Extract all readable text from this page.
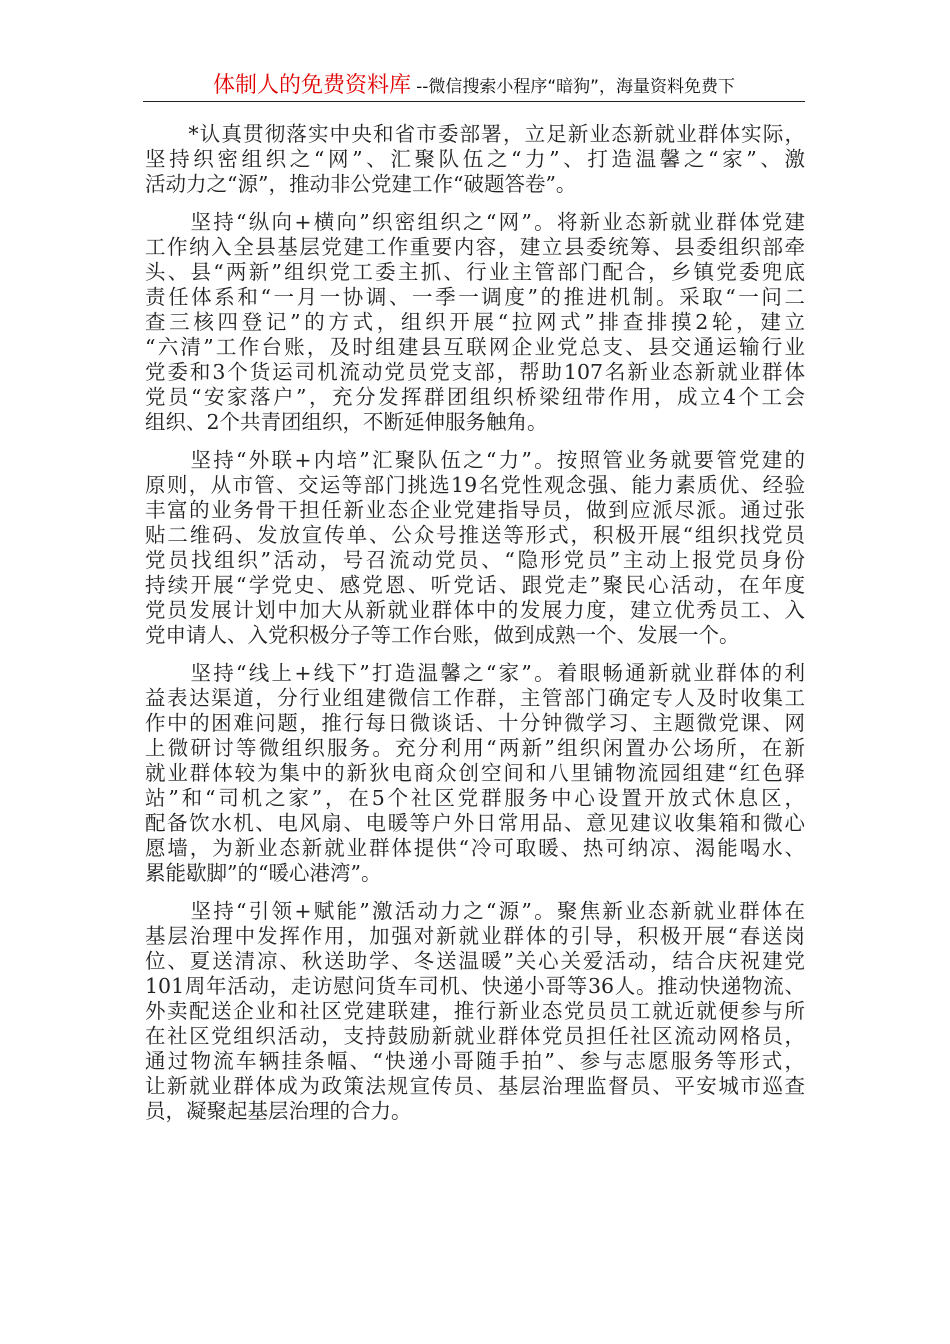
体制人的免费资料库 --微信搜索小程序“暗狗”，海量资料免费下
　　*认真贯彻落实中央和省市委部署，立足新业态新就业群体实际，
坚持织密组织之“网”、汇聚队伍之“力”、打造温馨之“家”、激
活动力之“源”，推动非公党建工作“破题答卷”。
　　坚持“纵向+横向”织密组织之“网”。将新业态新就业群体党建
工作纳入全县基层党建工作重要内容，建立县委统筹、县委组织部牵
头、县“两新”组织党工委主抓、行业主管部门配合，乡镇党委兜底
责任体系和“一月一协调、一季一调度”的推进机制。采取“一问二
查三核四登记”的方式，组织开展“拉网式”排查排摸2轮，建立
“六清”工作台账，及时组建县互联网企业党总支、县交通运输行业
党委和3个货运司机流动党员党支部，帮助107名新业态新就业群体
党员“安家落户”，充分发挥群团组织桥梁纽带作用，成立4个工会
组织、2个共青团组织，不断延伸服务触角。
　　坚持“外联+内培”汇聚队伍之“力”。按照管业务就要管党建的
原则，从市管、交运等部门挑选19名党性观念强、能力素质优、经验
丰富的业务骨干担任新业态企业党建指导员，做到应派尽派。通过张
贴二维码、发放宣传单、公众号推送等形式，积极开展“组织找党员
党员找组织”活动，号召流动党员、“隐形党员”主动上报党员身份
持续开展“学党史、感党恩、听党话、跟党走”聚民心活动，在年度
党员发展计划中加大从新就业群体中的发展力度，建立优秀员工、入
党申请人、入党积极分子等工作台账，做到成熟一个、发展一个。
　　坚持“线上+线下”打造温馨之“家”。着眼畅通新就业群体的利
益表达渠道，分行业组建微信工作群，主管部门确定专人及时收集工
作中的困难问题，推行每日微谈话、十分钟微学习、主题微党课、网
上微研讨等微组织服务。充分利用“两新”组织闲置办公场所，在新
就业群体较为集中的新狄电商众创空间和八里铺物流园组建“红色驿
站”和“司机之家”，在5个社区党群服务中心设置开放式休息区，
配备饮水机、电风扇、电暖等户外日常用品、意见建议收集箱和微心
愿墙，为新业态新就业群体提供“冷可取暖、热可纳凉、渴能喝水、
累能歇脚”的“暖心港湾”。
　　坚持“引领+赋能”激活动力之“源”。聚焦新业态新就业群体在
基层治理中发挥作用，加强对新就业群体的引导，积极开展“春送岗
位、夏送清凉、秋送助学、冬送温暖”关心关爱活动，结合庆祝建党
101周年活动，走访慰问货车司机、快递小哥等36人。推动快递物流、
外卖配送企业和社区党建联建，推行新业态党员员工就近就便参与所
在社区党组织活动，支持鼓励新就业群体党员担任社区流动网格员，
通过物流车辆挂条幅、“快递小哥随手拍”、参与志愿服务等形式，
让新就业群体成为政策法规宣传员、基层治理监督员、平安城市巡查
员，凝聚起基层治理的合力。
